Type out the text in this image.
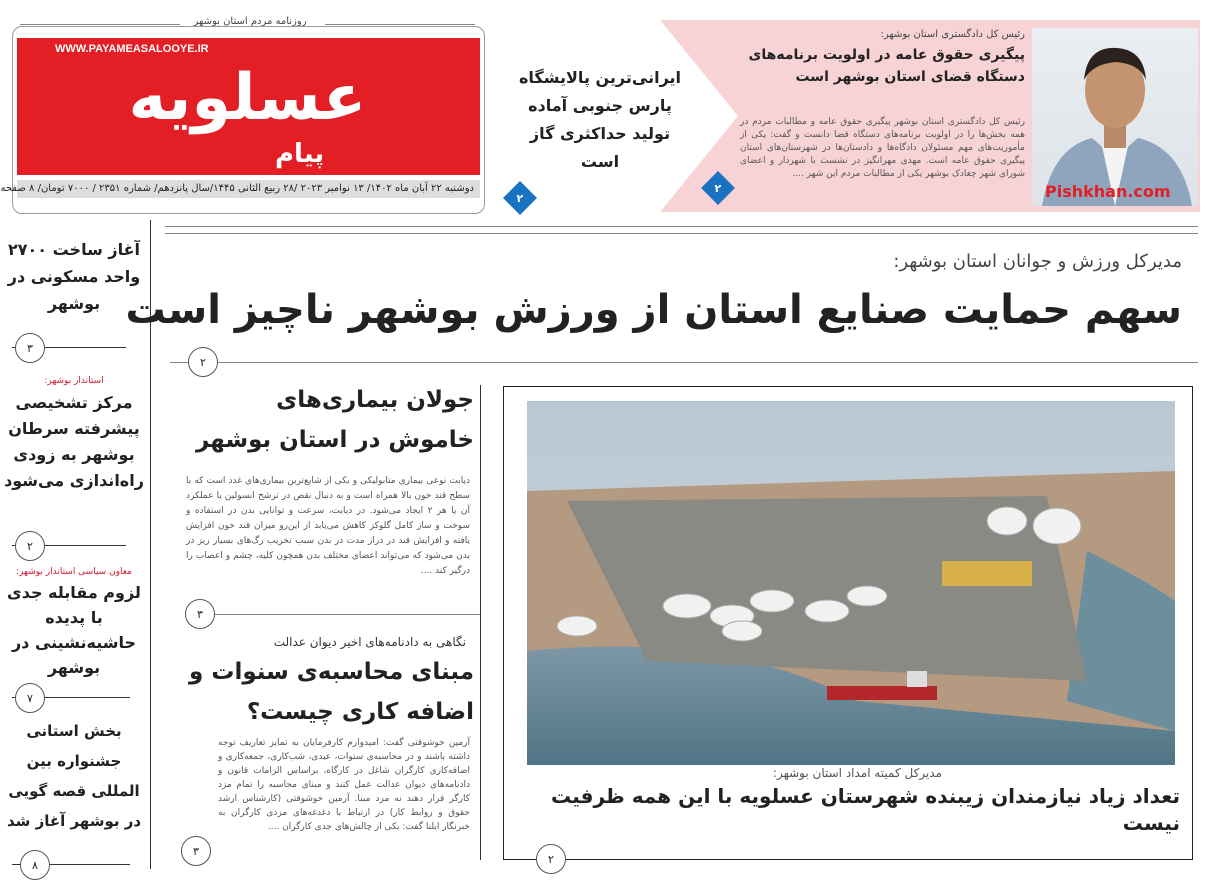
روزنامه مردم استان بوشهر
WWW.PAYAMEASALOOYE.IR
عسلویه
پیام
دوشنبه ۲۲ آبان ماه ۱۴۰۲/ ۱۳ نوامبر ۲۰۲۳ /۲۸ ربیع الثانی ۱۴۴۵/سال پانزدهم/ شماره ۲۳۵۱ / ۷۰۰۰ تومان/ ۸ صفحه
ایرانی‌ترین پالایشگاه پارس جنوبی آماده تولید حداکثری گاز است
۲
رئیس کل دادگستری استان بوشهر:
پیگیری حقوق عامه در اولویت برنامه‌های دستگاه قضای استان بوشهر است
رئیس کل دادگستری استان بوشهر پیگیری حقوق عامه و مطالبات مردم در همه بخش‌ها را در اولویت برنامه‌های دستگاه قضا دانست و گفت: یکی از مأموریت‌های مهم مسئولان دادگاه‌ها و دادستان‌ها در شهرستان‌های استان پیگیری حقوق عامه است. مهدی مهرانگیز در نشست با شهردار و اعضای شورای شهر چغادک بوشهر یکی از مطالبات مردم این شهر ....
Pishkhan.com
۲
مدیرکل ورزش و جوانان استان بوشهر:
سهم حمایت صنایع استان از ورزش بوشهر ناچیز است
۲
جولان بیماری‌های خاموش در استان بوشهر
دیابت نوعی بیماری متابولیکی و یکی از شایع‌ترین بیماری‌های غدد است که با سطح قند خون بالا همراه است و به دنبال نقص در ترشح انسولین یا عملکرد آن یا هر ۲ ایجاد می‌شود. در دیابت، سرعت و توانایی بدن در استفاده و سوخت و ساز کامل گلوکز کاهش می‌یابد از این‌رو میزان قند خون افزایش یافته و افزایش قند در دراز مدت در بدن سبب تخریب رگ‌های بسیار ریز در بدن می‌شود که می‌تواند اعضای مختلف بدن همچون کلیه، چشم و اعصاب را درگیر کند ....
۳
نگاهی به دادنامه‌های اخیر دیوان عدالت
مبنای محاسبه‌ی سنوات و اضافه کاری چیست؟
آرمین خوشوقتی گفت: امیدوارم کارفرمایان به تمایز تعاریف توجه داشته باشند و در محاسبه‌ی سنوات، عیدی، شب‌کاری، جمعه‌کاری و اضافه‌کاری کارگران شاغل در کارگاه، براساس الزامات قانون و دادنامه‌های دیوان عدالت عمل کنند و مبنای محاسبه را تمام مزد کارگر قرار دهند نه مزد مبنا. آرمین خوشوقتی (کارشناس ارشد حقوق و روابط کار) در ارتباط با دغدغه‌های مزدی کارگران به خبرنگار ایلنا گفت: یکی از چالش‌های جدی کارگران ....
۳
مدیرکل کمیته امداد استان بوشهر:
تعداد زیاد نیازمندان زیبنده شهرستان عسلویه با این همه ظرفیت نیست
۲
آغاز ساخت ۲۷۰۰ واحد مسکونی در بوشهر
۳
استاندار بوشهر:
مرکز تشخیصی پیشرفته سرطان بوشهر به زودی راه‌اندازی می‌شود
۲
معاون سیاسی استاندار بوشهر:
لزوم مقابله جدی با پدیده حاشیه‌نشینی در بوشهر
۷
بخش استانی جشنواره بین المللی قصه گویی در بوشهر آغاز شد
۸
